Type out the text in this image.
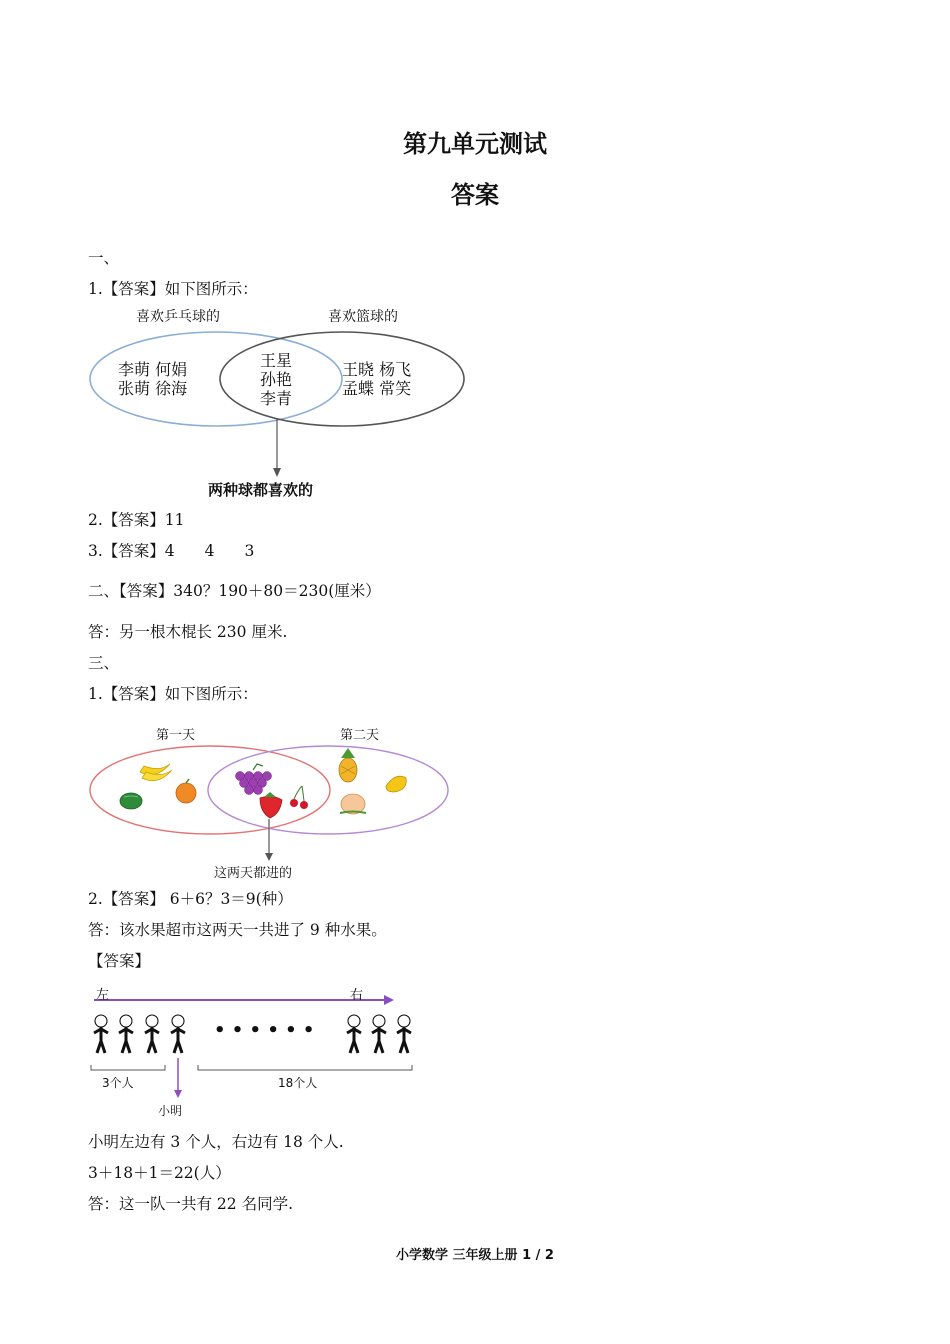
第九单元测试
答案
一、
1.【答案】如下图所示：
喜欢乒乓球的	喜欢篮球的
李萌 何娟
张萌 徐海
王星
孙艳
李青
王晓 杨飞
孟蝶 常笑
两种球都喜欢的
2.【答案】11
3.【答案】4 4 3
二、【答案】340？190＋80＝230(厘米）
答：另一根木棍长 230 厘米.
三、
1.【答案】如下图所示：
第一天	第二天
这两天都进的
2.【答案】 6＋6？3＝9(种）
答：该水果超市这两天一共进了 9 种水果。
【答案】
左	右
• • • • • •
3个人	18个人
小明
小明左边有 3 个人，右边有 18 个人.
3＋18＋1＝22(人）
答：这一队一共有 22 名同学.
小学数学 三年级上册 1 / 2
